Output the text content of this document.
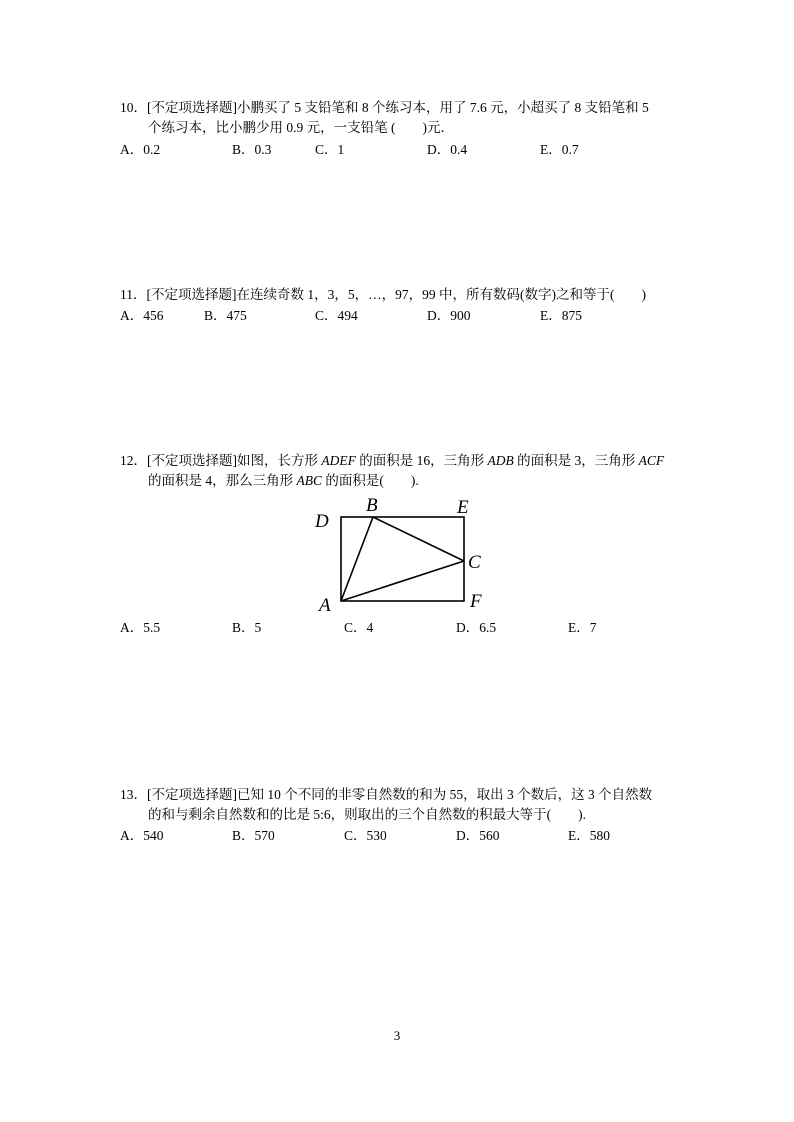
10．[不定项选择题]小鹏买了 5 支铅笔和 8 个练习本，用了 7.6 元，小超买了 8 支铅笔和 5
个练习本，比小鹏少用 0.9 元，一支铅笔 (　　)元．
A．0.2	B．0.3	C．1	D．0.4	E．0.7
11．[不定项选择题]在连续奇数 1，3，5，…，97，99 中，所有数码(数字)之和等于(　　)
A．456	B．475	C．494	D．900	E．875
12．[不定项选择题]如图，长方形 ADEF 的面积是 16，三角形 ADB 的面积是 3，三角形 ACF
的面积是 4，那么三角形 ABC 的面积是(　　).
B	E
D
C
A	F
A．5.5	B．5	C．4	D．6.5	E．7
13．[不定项选择题]已知 10 个不同的非零自然数的和为 55，取出 3 个数后，这 3 个自然数
的和与剩余自然数和的比是 5:6，则取出的三个自然数的积最大等于(　　).
A．540	B．570	C．530	D．560	E．580
3
